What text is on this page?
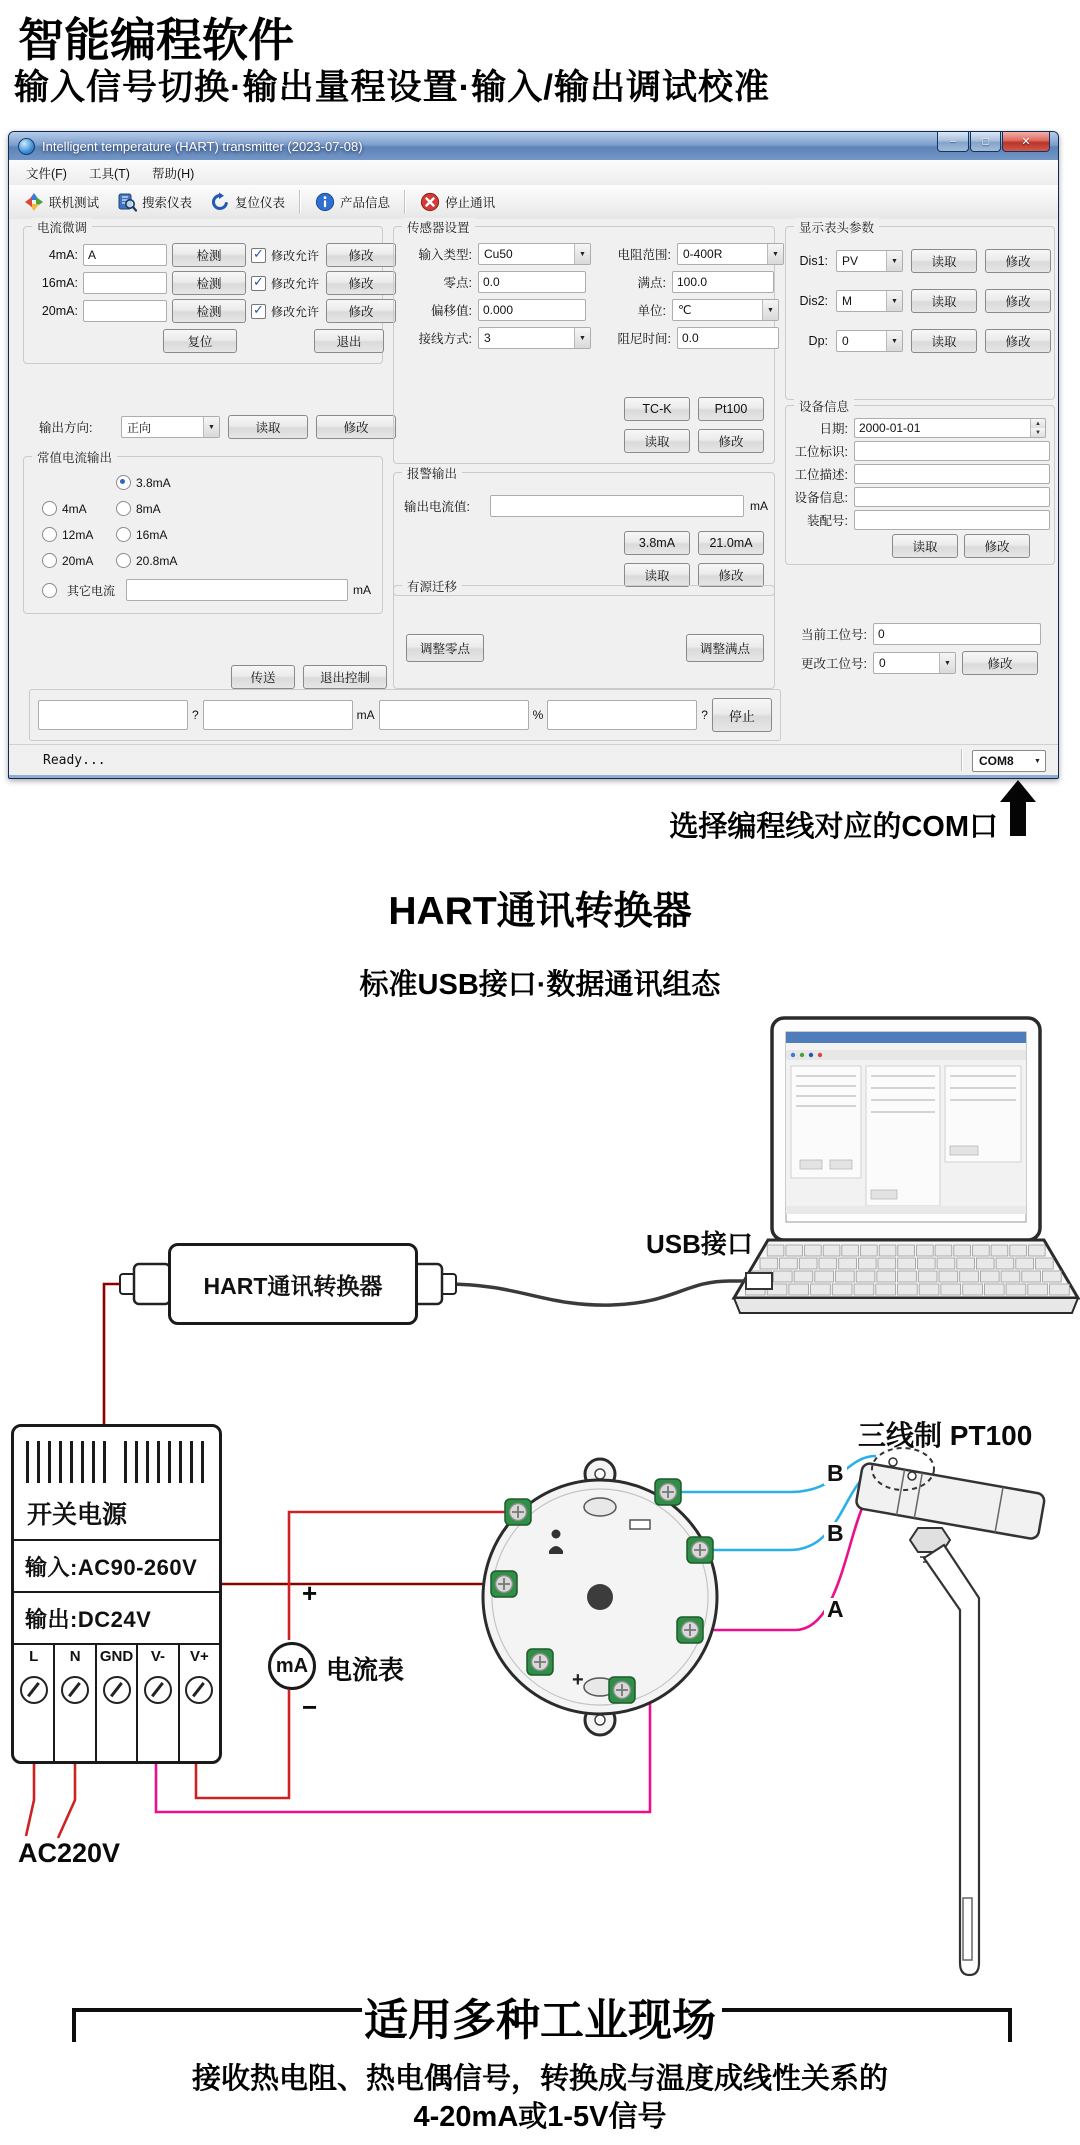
智能编程软件
输入信号切换·输出量程设置·输入/输出调试校准
Intelligent temperature (HART) transmitter (2023-07-08)
–
▢
✕
文件(F)	工具(T)	帮助(H)
联机测试	搜索仪表	复位仪表	产品信息	停止通讯
电流微调
4mA: A	检测 ✓	修改允许	修改
16mA:	检测 ✓	修改允许	修改
20mA:	检测 ✓	修改允许	修改
复位	退出
输出方向:	正向 ▼	读取	修改
常值电流输出
3.8mA
4mA	8mA
12mA	16mA
20mA	20.8mA
其它电流	mA
传送	退出控制
传感器设置
输入类型: Cu50 ▼	电阻范围: 0-400R
▼
零点: 0.0	满点: 100.0
偏移值: 0.000	单位: ℃
▼
接线方式: 3 ▼	阻尼时间: 0.0
TC-K	Pt100
读取	修改
报警输出
输出电流值:	mA
3.8mA	21.0mA
读取	修改
有源迁移
调整零点	调整满点
显示表头参数
Dis1: PV ▼	读取	修改
Dis2: M ▼	读取	修改
Dp: 0 ▼	读取	修改
设备信息
日期: 2000-01-01
▲
▼
工位标识:
工位描述:
设备信息:
装配号:
读取	修改
当前工位号: 0
更改工位号: 0 ▼	修改
?	mA	%	?	停止
Ready...	COM8
▼
选择编程线对应的COM口
HART通讯转换器
标准USB接口·数据通讯组态
+
USB接口
HART通讯转换器
开关电源
输入:AC90-260V
输出:DC24V
L N GND V- V+
AC220V
+
mA
−
电流表
三线制 PT100
B
B
A
适用多种工业现场
接收热电阻、热电偶信号，转换成与温度成线性关系的
4-20mA或1-5V信号
